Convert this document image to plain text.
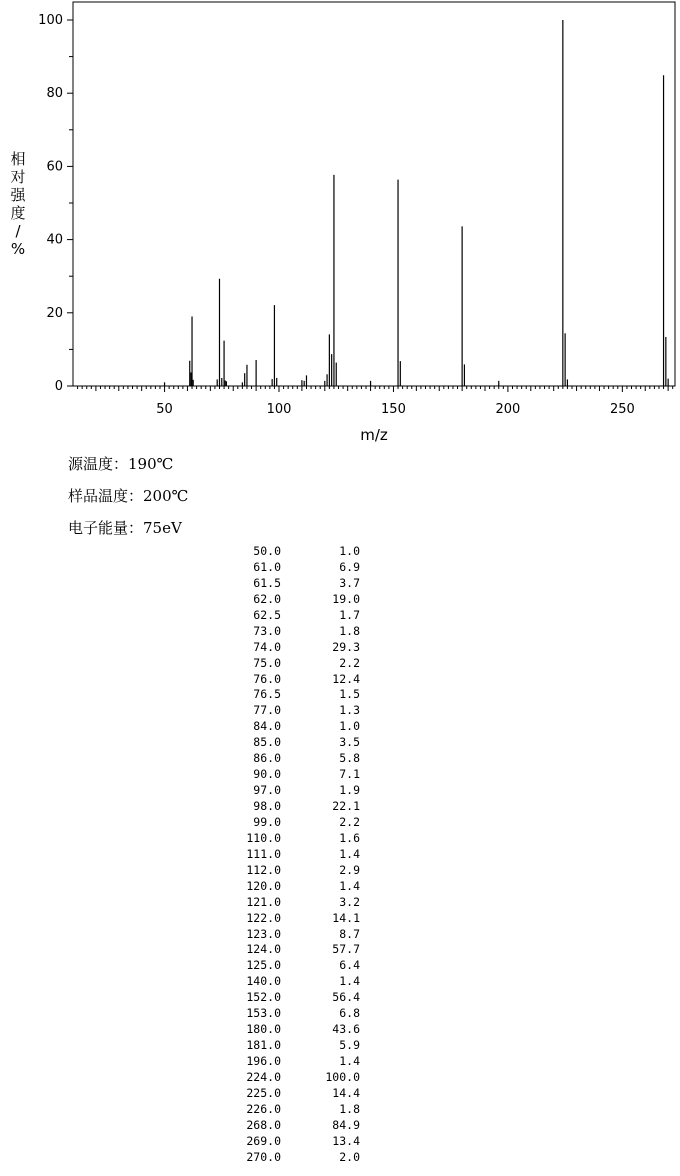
50	100	150	200	250
0
20
40
60
80
100
m/z
相
对
强
度
/
%
源温度：190℃
样品温度：200℃
电子能量：75eV
50.0	1.0
61.0	6.9
61.5	3.7
62.0	19.0
62.5	1.7
73.0	1.8
74.0	29.3
75.0	2.2
76.0	12.4
76.5	1.5
77.0	1.3
84.0	1.0
85.0	3.5
86.0	5.8
90.0	7.1
97.0	1.9
98.0	22.1
99.0	2.2
110.0	1.6
111.0	1.4
112.0	2.9
120.0	1.4
121.0	3.2
122.0	14.1
123.0	8.7
124.0	57.7
125.0	6.4
140.0	1.4
152.0	56.4
153.0	6.8
180.0	43.6
181.0	5.9
196.0	1.4
224.0	100.0
225.0	14.4
226.0	1.8
268.0	84.9
269.0	13.4
270.0	2.0
